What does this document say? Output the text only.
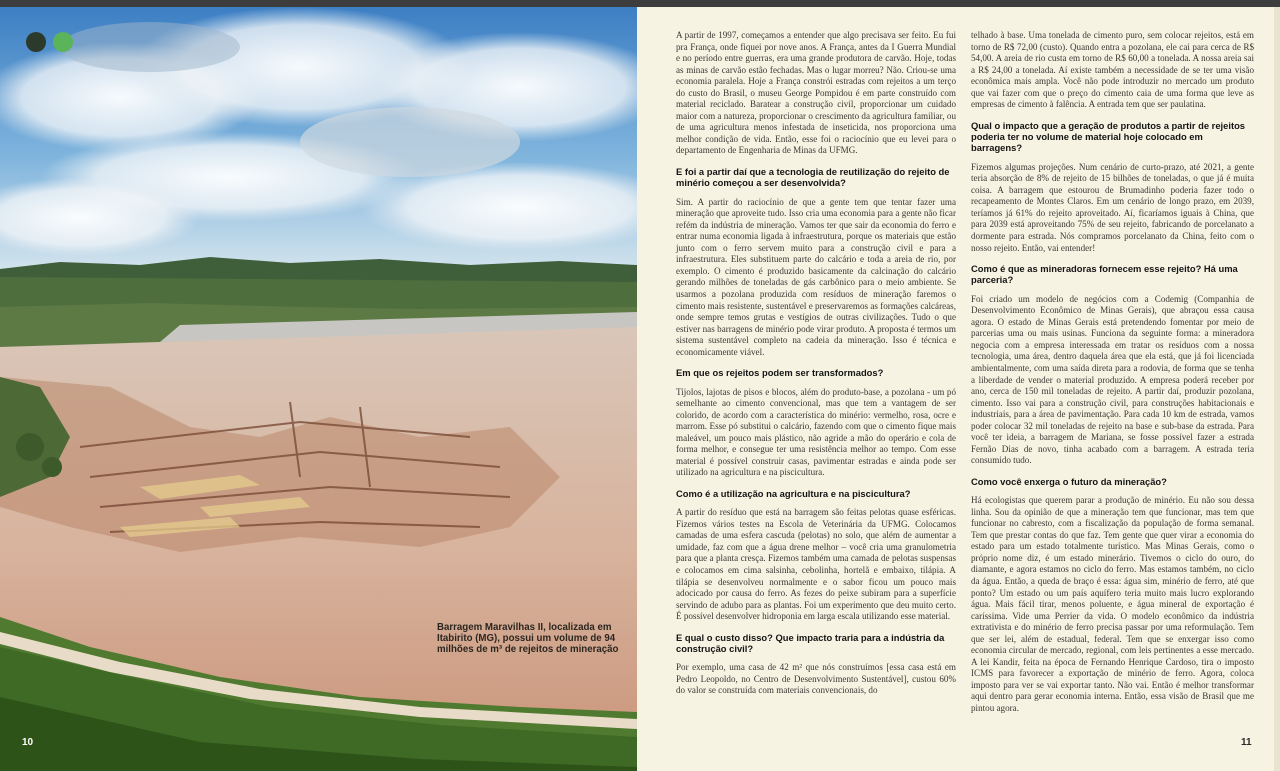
Barragem Maravilhas II, localizada em Itabirito (MG), possui um volume de 94 milhões de m³ de rejeitos de mineração
10

A partir de 1997, começamos a entender que algo precisava ser feito. Eu fui pra França, onde fiquei por nove anos. A França, antes da I Guerra Mundial e no período entre guerras, era uma grande produtora de carvão. Hoje, todas as minas de carvão estão fechadas. Mas o lugar morreu? Não. Criou-se uma economia paralela. Hoje a França constrói estradas com rejeitos a um terço do custo do Brasil, o museu George Pompidou é em parte construído com material reciclado. Baratear a construção civil, proporcionar um cuidado maior com a natureza, proporcionar o crescimento da agricultura familiar, ou de uma agricultura menos infestada de inseticida, nos proporciona uma melhor condição de vida. Então, esse foi o raciocínio que eu levei para o departamento de Engenharia de Minas da UFMG.

E foi a partir daí que a tecnologia de reutilização do rejeito de minério começou a ser desenvolvida?

Sim. A partir do raciocínio de que a gente tem que tentar fazer uma mineração que aproveite tudo. Isso cria uma economia para a gente não ficar refém da indústria de mineração. Vamos ter que sair da economia do ferro e entrar numa economia ligada à infraestrutura, porque os materiais que estão junto com o ferro servem muito para a construção civil e para a infraestrutura. Eles substituem parte do calcário e toda a areia de rio, por exemplo. O cimento é produzido basicamente da calcinação do calcário gerando milhões de toneladas de gás carbônico para o meio ambiente. Se usarmos a pozolana produzida com resíduos de mineração faremos o cimento mais resistente, sustentável e preservaremos as formações calcáreas, onde sempre temos grutas e vestígios de outras civilizações. Tudo o que estiver nas barragens de minério pode virar produto. A proposta é termos um sistema sustentável completo na cadeia da mineração. Isso é técnica e economicamente viável.

Em que os rejeitos podem ser transformados?

Tijolos, lajotas de pisos e blocos, além do produto-base, a pozolana - um pó semelhante ao cimento convencional, mas que tem a vantagem de ser colorido, de acordo com a característica do minério: vermelho, rosa, ocre e marrom. Esse pó substitui o calcário, fazendo com que o cimento fique mais maleável, um pouco mais plástico, não agride a mão do operário e cola de forma melhor, e consegue ter uma resistência melhor ao tempo. Com esse material é possível construir casas, pavimentar estradas e ainda pode ser utilizado na agricultura e na piscicultura.

Como é a utilização na agricultura e na piscicultura?

A partir do resíduo que está na barragem são feitas pelotas quase esféricas. Fizemos vários testes na Escola de Veterinária da UFMG. Colocamos camadas de uma esfera cascuda (pelotas) no solo, que além de aumentar a umidade, faz com que a água drene melhor – você cria uma granulometria para que a planta cresça. Fizemos também uma camada de pelotas suspensas e colocamos em cima salsinha, cebolinha, hortelã e embaixo, tilápia. A tilápia se desenvolveu normalmente e o sabor ficou um pouco mais adocicado por causa do ferro. As fezes do peixe subiram para a superfície servindo de adubo para as plantas. Foi um experimento que deu muito certo. É possível desenvolver hidroponia em larga escala utilizando esse material.

E qual o custo disso? Que impacto traria para a indústria da construção civil?

Por exemplo, uma casa de 42 m² que nós construímos [essa casa está em Pedro Leopoldo, no Centro de Desenvolvimento Sustentável], custou 60% do valor se construída com materiais convencionais, do

telhado à base. Uma tonelada de cimento puro, sem colocar rejeitos, está em torno de R$ 72,00 (custo). Quando entra a pozolana, ele cai para cerca de R$ 54,00. A areia de rio custa em torno de R$ 60,00 a tonelada. A nossa areia sai a R$ 24,00 a tonelada. Aí existe também a necessidade de se ter uma visão econômica mais ampla. Você não pode introduzir no mercado um produto que vai fazer com que o preço do cimento caia de uma forma que leve as empresas de cimento à falência. A entrada tem que ser paulatina.

Qual o impacto que a geração de produtos a partir de rejeitos poderia ter no volume de material hoje colocado em barragens?

Fizemos algumas projeções. Num cenário de curto-prazo, até 2021, a gente teria absorção de 8% de rejeito de 15 bilhões de toneladas, o que já é muita coisa. A barragem que estourou de Brumadinho poderia fazer todo o recapeamento de Montes Claros. Em um cenário de longo prazo, em 2039, teríamos já 61% do rejeito aproveitado. Aí, ficaríamos iguais à China, que para 2039 está aproveitando 75% de seu rejeito, fabricando de porcelanato a dormente para estrada. Nós compramos porcelanato da China, feito com o nosso rejeito. Então, vai entender!

Como é que as mineradoras fornecem esse rejeito? Há uma parceria?

Foi criado um modelo de negócios com a Codemig (Companhia de Desenvolvimento Econômico de Minas Gerais), que abraçou essa causa agora. O estado de Minas Gerais está pretendendo fomentar por meio de parcerias uma ou mais usinas. Funciona da seguinte forma: a mineradora negocia com a empresa interessada em tratar os resíduos com a nossa tecnologia, uma área, dentro daquela área que ela está, que já foi licenciada ambientalmente, com uma saída direta para a rodovia, de forma que se tenha a liberdade de vender o material produzido. A empresa poderá receber por ano, cerca de 150 mil toneladas de rejeito. A partir daí, produzir pozolana, cimento. Isso vai para a construção civil, para construções habitacionais e industriais, para a área de pavimentação. Para cada 10 km de estrada, vamos poder colocar 32 mil toneladas de rejeito na base e sub-base da estrada. Para você ter ideia, a barragem de Mariana, se fosse possível fazer a estrada Fernão Dias de novo, tinha acabado com a barragem. A estrada teria consumido tudo.

Como você enxerga o futuro da mineração?

Há ecologistas que querem parar a produção de minério. Eu não sou dessa linha. Sou da opinião de que a mineração tem que funcionar, mas tem que funcionar no cabresto, com a fiscalização da população de forma semanal. Tem que prestar contas do que faz. Tem gente que quer virar a economia do estado para um estado totalmente turístico. Mas Minas Gerais, como o próprio nome diz, é um estado minerário. Tivemos o ciclo do ouro, do diamante, e agora estamos no ciclo do ferro. Mas estamos também, no ciclo da água. Então, a queda de braço é essa: água sim, minério de ferro, até que ponto? Um estado ou um país aquífero teria muito mais lucro explorando água. Mais fácil tirar, menos poluente, e água mineral de exportação é caríssima. Vide uma Perrier da vida. O modelo econômico da indústria extrativista e do minério de ferro precisa passar por uma reformulação. Tem que ser lei, além de estadual, federal. Tem que se enxergar isso como economia circular de mercado, regional, com leis pertinentes a esse mercado. A lei Kandir, feita na época de Fernando Henrique Cardoso, tira o imposto ICMS para favorecer a exportação de minério de ferro. Agora, coloca imposto para ver se vai exportar tanto. Não vai. Então é melhor transformar aqui dentro para gerar economia interna. Então, essa visão de Brasil que me pintou agora.

11
